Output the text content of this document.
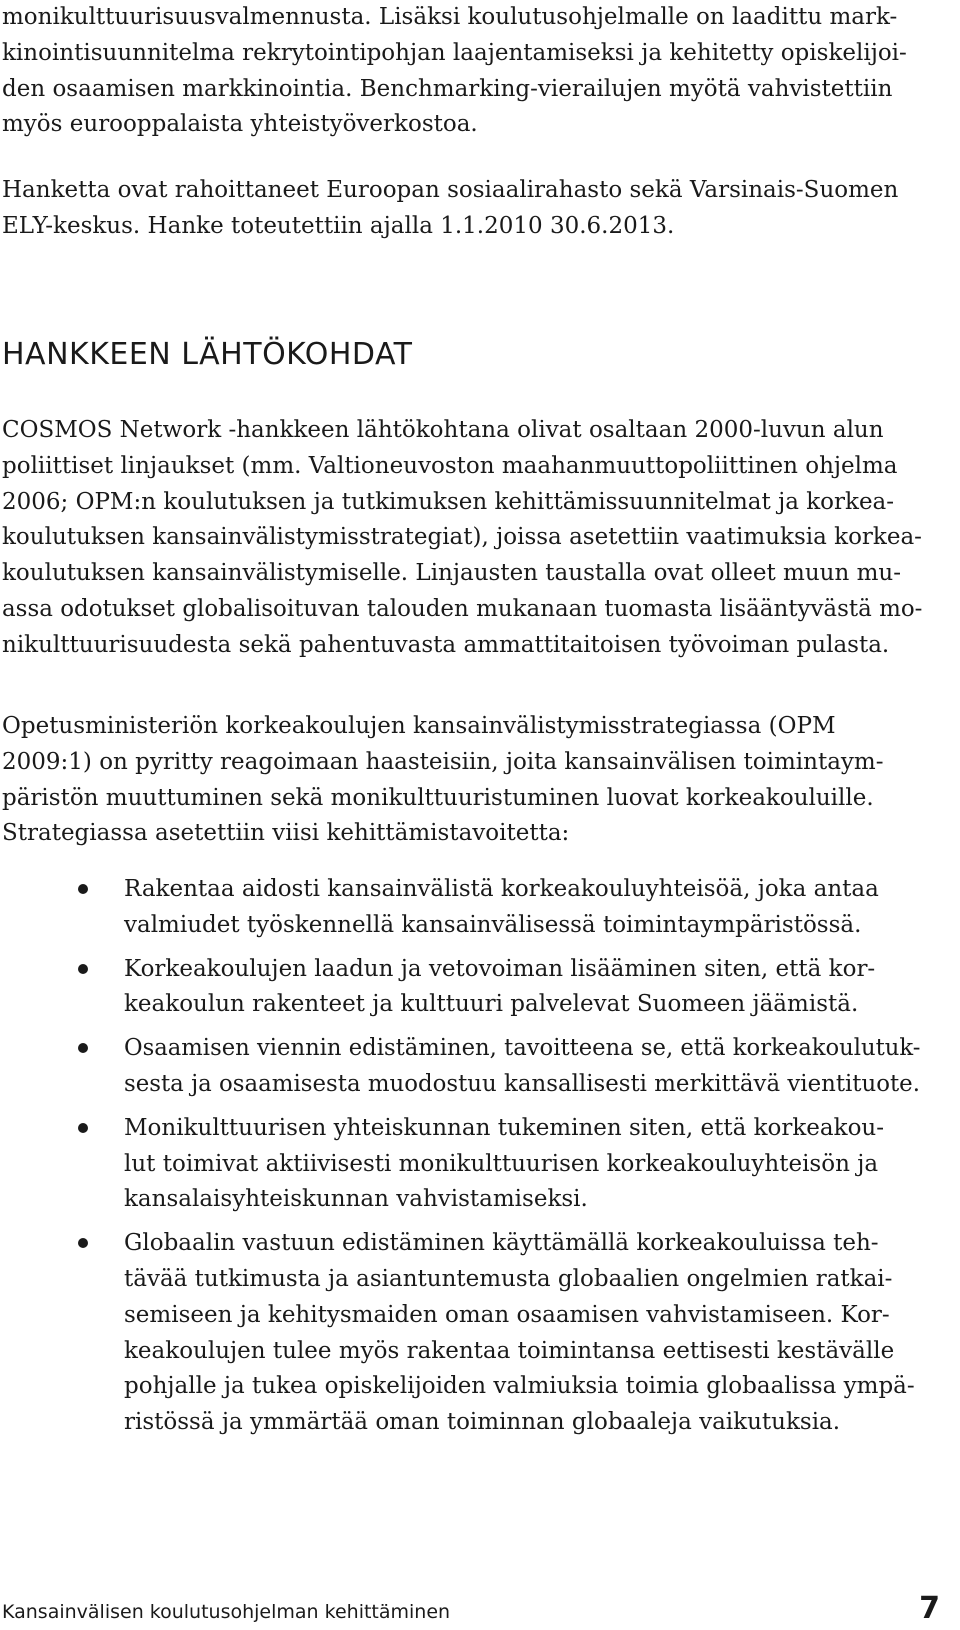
monikulttuurisuusvalmennusta. Lisäksi koulutusohjelmalle on laadittu mark-
kinointisuunnitelma rekrytointipohjan laajentamiseksi ja kehitetty opiskelijoi-
den osaamisen markkinointia. Benchmarking-vierailujen myötä vahvistettiin
myös eurooppalaista yhteistyöverkostoa.
Hanketta ovat rahoittaneet Euroopan sosiaalirahasto sekä Varsinais-Suomen
ELY-keskus. Hanke toteutettiin ajalla 1.1.2010 30.6.2013.
HANKKEEN LÄHTÖKOHDAT
COSMOS Network -hankkeen lähtökohtana olivat osaltaan 2000-luvun alun
poliittiset linjaukset (mm. Valtioneuvoston maahanmuuttopoliittinen ohjelma
2006; OPM:n koulutuksen ja tutkimuksen kehittämissuunnitelmat ja korkea-
koulutuksen kansainvälistymisstrategiat), joissa asetettiin vaatimuksia korkea-
koulutuksen kansainvälistymiselle. Linjausten taustalla ovat olleet muun mu-
assa odotukset globalisoituvan talouden mukanaan tuomasta lisääntyvästä mo-
nikulttuurisuudesta sekä pahentuvasta ammattitaitoisen työvoiman pulasta.
Opetusministeriön korkeakoulujen kansainvälistymisstrategiassa (OPM
2009:1) on pyritty reagoimaan haasteisiin, joita kansainvälisen toimintaym-
päristön muuttuminen sekä monikulttuuristuminen luovat korkeakouluille.
Strategiassa asetettiin viisi kehittämistavoitetta:
Rakentaa aidosti kansainvälistä korkeakouluyhteisöä, joka antaa
valmiudet työskennellä kansainvälisessä toimintaympäristössä.
Korkeakoulujen laadun ja vetovoiman lisääminen siten, että kor-
keakoulun rakenteet ja kulttuuri palvelevat Suomeen jäämistä.
Osaamisen viennin edistäminen, tavoitteena se, että korkeakoulutuk-
sesta ja osaamisesta muodostuu kansallisesti merkittävä vientituote.
Monikulttuurisen yhteiskunnan tukeminen siten, että korkeakou-
lut toimivat aktiivisesti monikulttuurisen korkeakouluyhteisön ja
kansalaisyhteiskunnan vahvistamiseksi.
Globaalin vastuun edistäminen käyttämällä korkeakouluissa teh-
tävää tutkimusta ja asiantuntemusta globaalien ongelmien ratkai-
semiseen ja kehitysmaiden oman osaamisen vahvistamiseen. Kor-
keakoulujen tulee myös rakentaa toimintansa eettisesti kestävälle
pohjalle ja tukea opiskelijoiden valmiuksia toimia globaalissa ympä-
ristössä ja ymmärtää oman toiminnan globaaleja vaikutuksia.
Kansainvälisen koulutusohjelman kehittäminen	7
